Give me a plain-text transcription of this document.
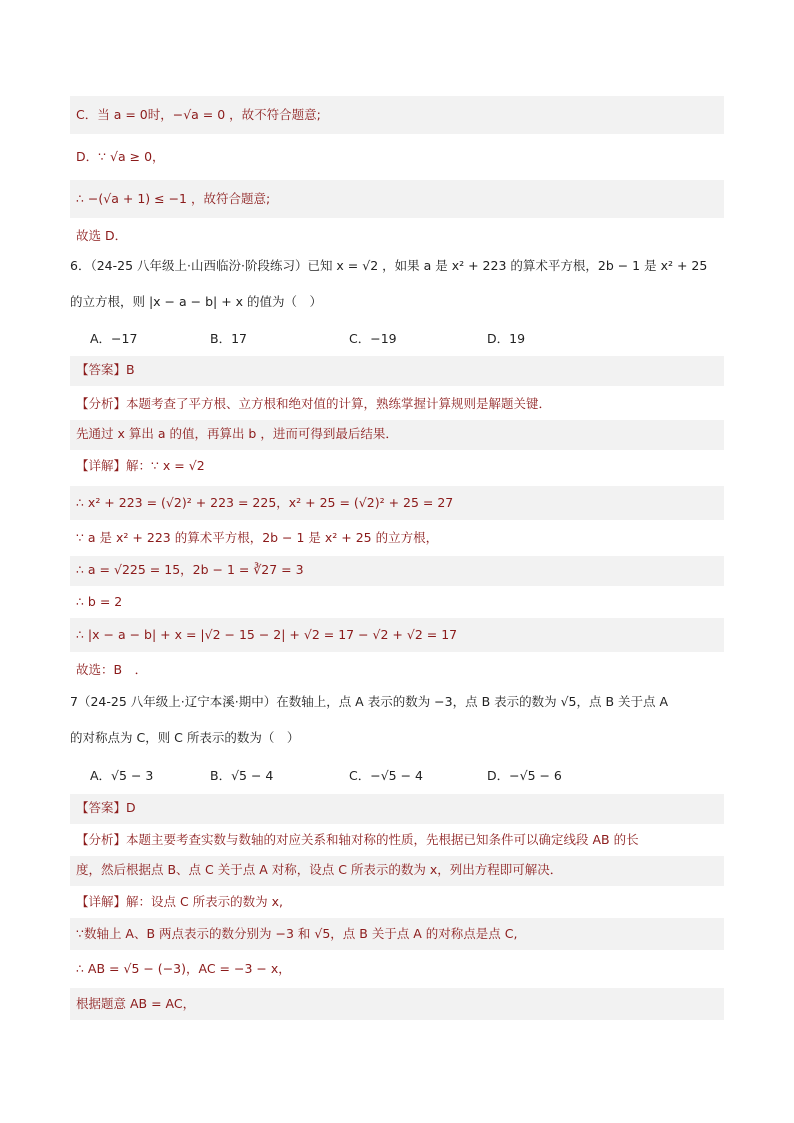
C．当 a = 0时，−√a = 0 ，故不符合题意;
D．∵ √a ≥ 0，
∴ −(√a + 1) ≤ −1 ，故符合题意;
故选 D．
6．（24-25 八年级上·山西临汾·阶段练习）已知 x = √2 ，如果 a 是 x² + 223 的算术平方根，2b − 1 是 x² + 25
的立方根，则 |x − a − b| + x 的值为（　）
A．−17	B．17	C．−19	D．19
【答案】B
【分析】本题考查了平方根、立方根和绝对值的计算，熟练掌握计算规则是解题关键．
先通过 x 算出 a 的值，再算出 b ，进而可得到最后结果．
【详解】解：∵ x = √2
∴ x² + 223 = (√2)² + 223 = 225，x² + 25 = (√2)² + 25 = 27
∵ a 是 x² + 223 的算术平方根，2b − 1 是 x² + 25 的立方根，
∴ a = √225 = 15，2b − 1 = ∛27 = 3
∴ b = 2
∴ |x − a − b| + x = |√2 − 15 − 2| + √2 = 17 − √2 + √2 = 17
故选：B　．
7（24-25 八年级上·辽宁本溪·期中）在数轴上，点 A 表示的数为 −3，点 B 表示的数为 √5，点 B 关于点 A
的对称点为 C，则 C 所表示的数为（　）
A．√5 − 3	B．√5 − 4	C．−√5 − 4	D．−√5 − 6
【答案】D
【分析】本题主要考查实数与数轴的对应关系和轴对称的性质，先根据已知条件可以确定线段 AB 的长
度，然后根据点 B、点 C 关于点 A 对称，设点 C 所表示的数为 x，列出方程即可解决．
【详解】解：设点 C 所表示的数为 x,
∵数轴上 A、B 两点表示的数分别为 −3 和 √5，点 B 关于点 A 的对称点是点 C,
∴ AB = √5 − (−3)，AC = −3 − x，
根据题意 AB = AC，
